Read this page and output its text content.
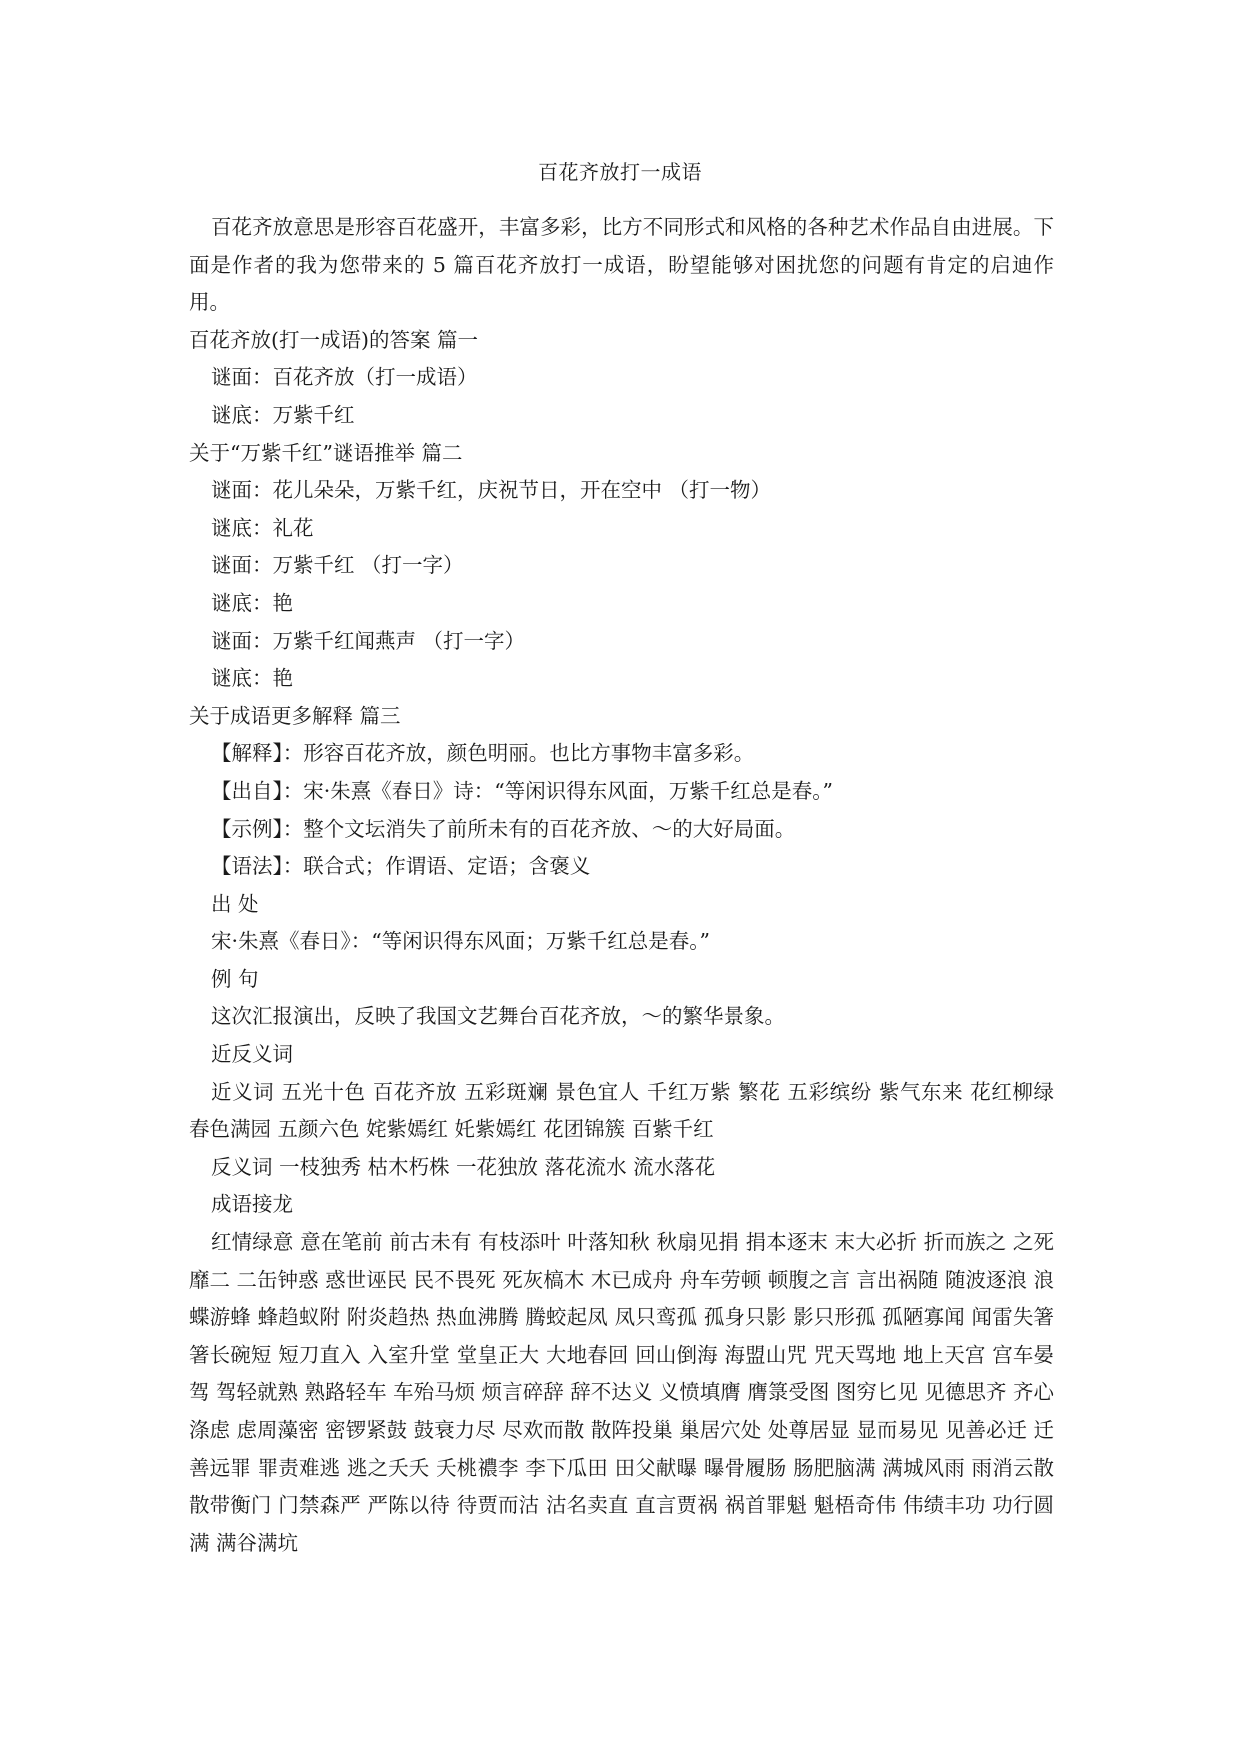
百花齐放打一成语

百花齐放意思是形容百花盛开，丰富多彩，比方不同形式和风格的各种艺术作品自由进展。下面是作者的我为您带来的 5 篇百花齐放打一成语，盼望能够对困扰您的问题有肯定的启迪作用。

百花齐放(打一成语)的答案 篇一

谜面：百花齐放（打一成语）

谜底：万紫千红

关于“万紫千红”谜语推举 篇二

谜面：花儿朵朵，万紫千红，庆祝节日，开在空中 （打一物）

谜底：礼花

谜面：万紫千红 （打一字）

谜底：艳

谜面：万紫千红闻燕声 （打一字）

谜底：艳

关于成语更多解释 篇三

【解释】：形容百花齐放，颜色明丽。也比方事物丰富多彩。

【出自】：宋·朱熹《春日》诗：“等闲识得东风面，万紫千红总是春。”

【示例】：整个文坛消失了前所未有的百花齐放、～的大好局面。

【语法】：联合式；作谓语、定语；含褒义

出 处

宋·朱熹《春日》：“等闲识得东风面；万紫千红总是春。”

例 句

这次汇报演出，反映了我国文艺舞台百花齐放，～的繁华景象。

近反义词

近义词 五光十色 百花齐放 五彩斑斓 景色宜人 千红万紫 繁花 五彩缤纷 紫气东来 花红柳绿 春色满园 五颜六色 姹紫嫣红 奼紫嫣红 花团锦簇 百紫千红

反义词 一枝独秀 枯木朽株 一花独放 落花流水 流水落花

成语接龙

红情绿意 意在笔前 前古未有 有枝添叶 叶落知秋 秋扇见捐 捐本逐末 末大必折 折而族之 之死靡二 二缶钟惑 惑世诬民 民不畏死 死灰槁木 木已成舟 舟车劳顿 顿腹之言 言出祸随 随波逐浪 浪蝶游蜂 蜂趋蚁附 附炎趋热 热血沸腾 腾蛟起凤 凤只鸾孤 孤身只影 影只形孤 孤陋寡闻 闻雷失箸 箸长碗短 短刀直入 入室升堂 堂皇正大 大地春回 回山倒海 海盟山咒 咒天骂地 地上天宫 宫车晏驾 驾轻就熟 熟路轻车 车殆马烦 烦言碎辞 辞不达义 义愤填膺 膺箓受图 图穷匕见 见德思齐 齐心涤虑 虑周藻密 密锣紧鼓 鼓衰力尽 尽欢而散 散阵投巢 巢居穴处 处尊居显 显而易见 见善必迁 迁善远罪 罪责难逃 逃之夭夭 夭桃禯李 李下瓜田 田父献曝 曝骨履肠 肠肥脑满 满城风雨 雨消云散 散带衡门 门禁森严 严陈以待 待贾而沽 沽名卖直 直言贾祸 祸首罪魁 魁梧奇伟 伟绩丰功 功行圆满 满谷满坑
